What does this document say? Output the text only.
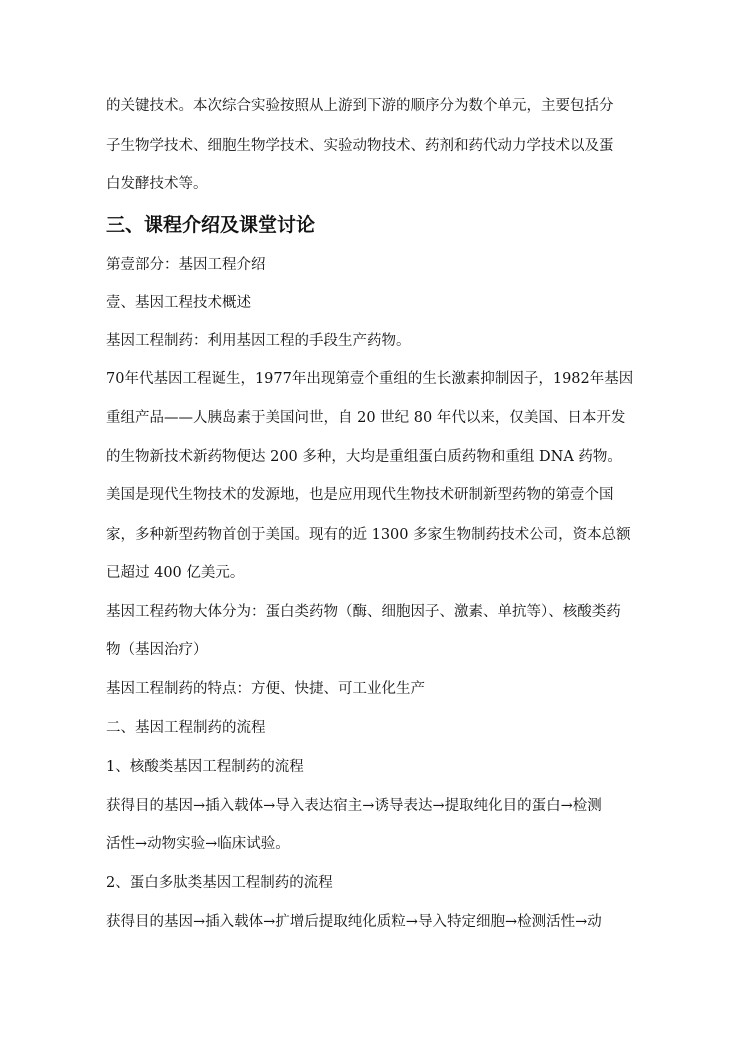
的关键技术。本次综合实验按照从上游到下游的顺序分为数个单元，主要包括分
子生物学技术、细胞生物学技术、实验动物技术、药剂和药代动力学技术以及蛋
白发酵技术等。
三、课程介绍及课堂讨论
第壹部分：基因工程介绍
壹、基因工程技术概述
基因工程制药：利用基因工程的手段生产药物。
70年代基因工程诞生，1977年出现第壹个重组的生长激素抑制因子，1982年基因
重组产品——人胰岛素于美国问世，自 20 世纪 80 年代以来，仅美国、日本开发
的生物新技术新药物便达 200 多种，大均是重组蛋白质药物和重组 DNA 药物。
美国是现代生物技术的发源地，也是应用现代生物技术研制新型药物的第壹个国
家，多种新型药物首创于美国。现有的近 1300 多家生物制药技术公司，资本总额
已超过 400 亿美元。
基因工程药物大体分为：蛋白类药物（酶、细胞因子、激素、单抗等）、核酸类药
物（基因治疗）
基因工程制药的特点：方便、快捷、可工业化生产
二、基因工程制药的流程
1、核酸类基因工程制药的流程
获得目的基因→插入载体→导入表达宿主→诱导表达→提取纯化目的蛋白→检测
活性→动物实验→临床试验。
2、蛋白多肽类基因工程制药的流程
获得目的基因→插入载体→扩增后提取纯化质粒→导入特定细胞→检测活性→动
